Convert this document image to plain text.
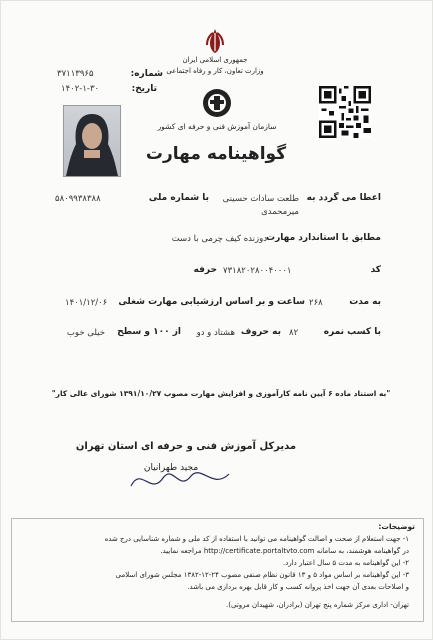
جمهوری اسلامی ایران
وزارت تعاون، کار و رفاه اجتماعی
سازمان آموزش فنی و حرفه ای کشور
شماره:
۳۷۱۱۳۹۶۵
تاریخ:
۱۴۰۲-۱-۳۰
گواهینامه مهارت
اعطا می گردد به
طلعت سادات حسینی
میرمحمدی
با شماره ملی
۵۸۰۹۹۳۸۳۸۸
مطابق با استاندارد مهارت
دوزنده کیف چرمی با دست
کد
۷۳۱۸۲۰۲۸۰۰۴۰۰۰۱
حرفه
به مدت
۲۶۸
ساعت و بر اساس ارزشیابی مهارت شغلی
۱۴۰۱/۱۲/۰۶
با کسب نمره
۸۲
به حروف
هشتاد و دو
از ۱۰۰ و سطح
خیلی خوب
"به استناد ماده ۶ آیین نامه کارآموزی و افزایش مهارت مصوب ۱۳۹۱/۱۰/۲۷ شورای عالی کار"
مدیرکل آموزش فنی و حرفه ای استان تهران
مجید طهرانیان
توضیحات:
۱- جهت استعلام از صحت و اصالت گواهینامه می توانید با استفاده از کد ملی و شماره شناسایی درج شده
در گواهینامه هوشمند، به سامانه http://certificate.portaltvto.com مراجعه نمایید.
۲- این گواهینامه به مدت ۵ سال اعتبار دارد.
۳- این گواهینامه بر اساس مواد ۵ و ۱۳ قانون نظام صنفی مصوب ۲۴-۱۲-۱۳۸۲ مجلس شورای اسلامی
و اصلاحات بعدی آن جهت اخذ پروانه کسب و کار قابل بهره برداری می باشد.
تهران- اداری مرکز شماره پنج تهران (برادران، شهیدان مروتی).
